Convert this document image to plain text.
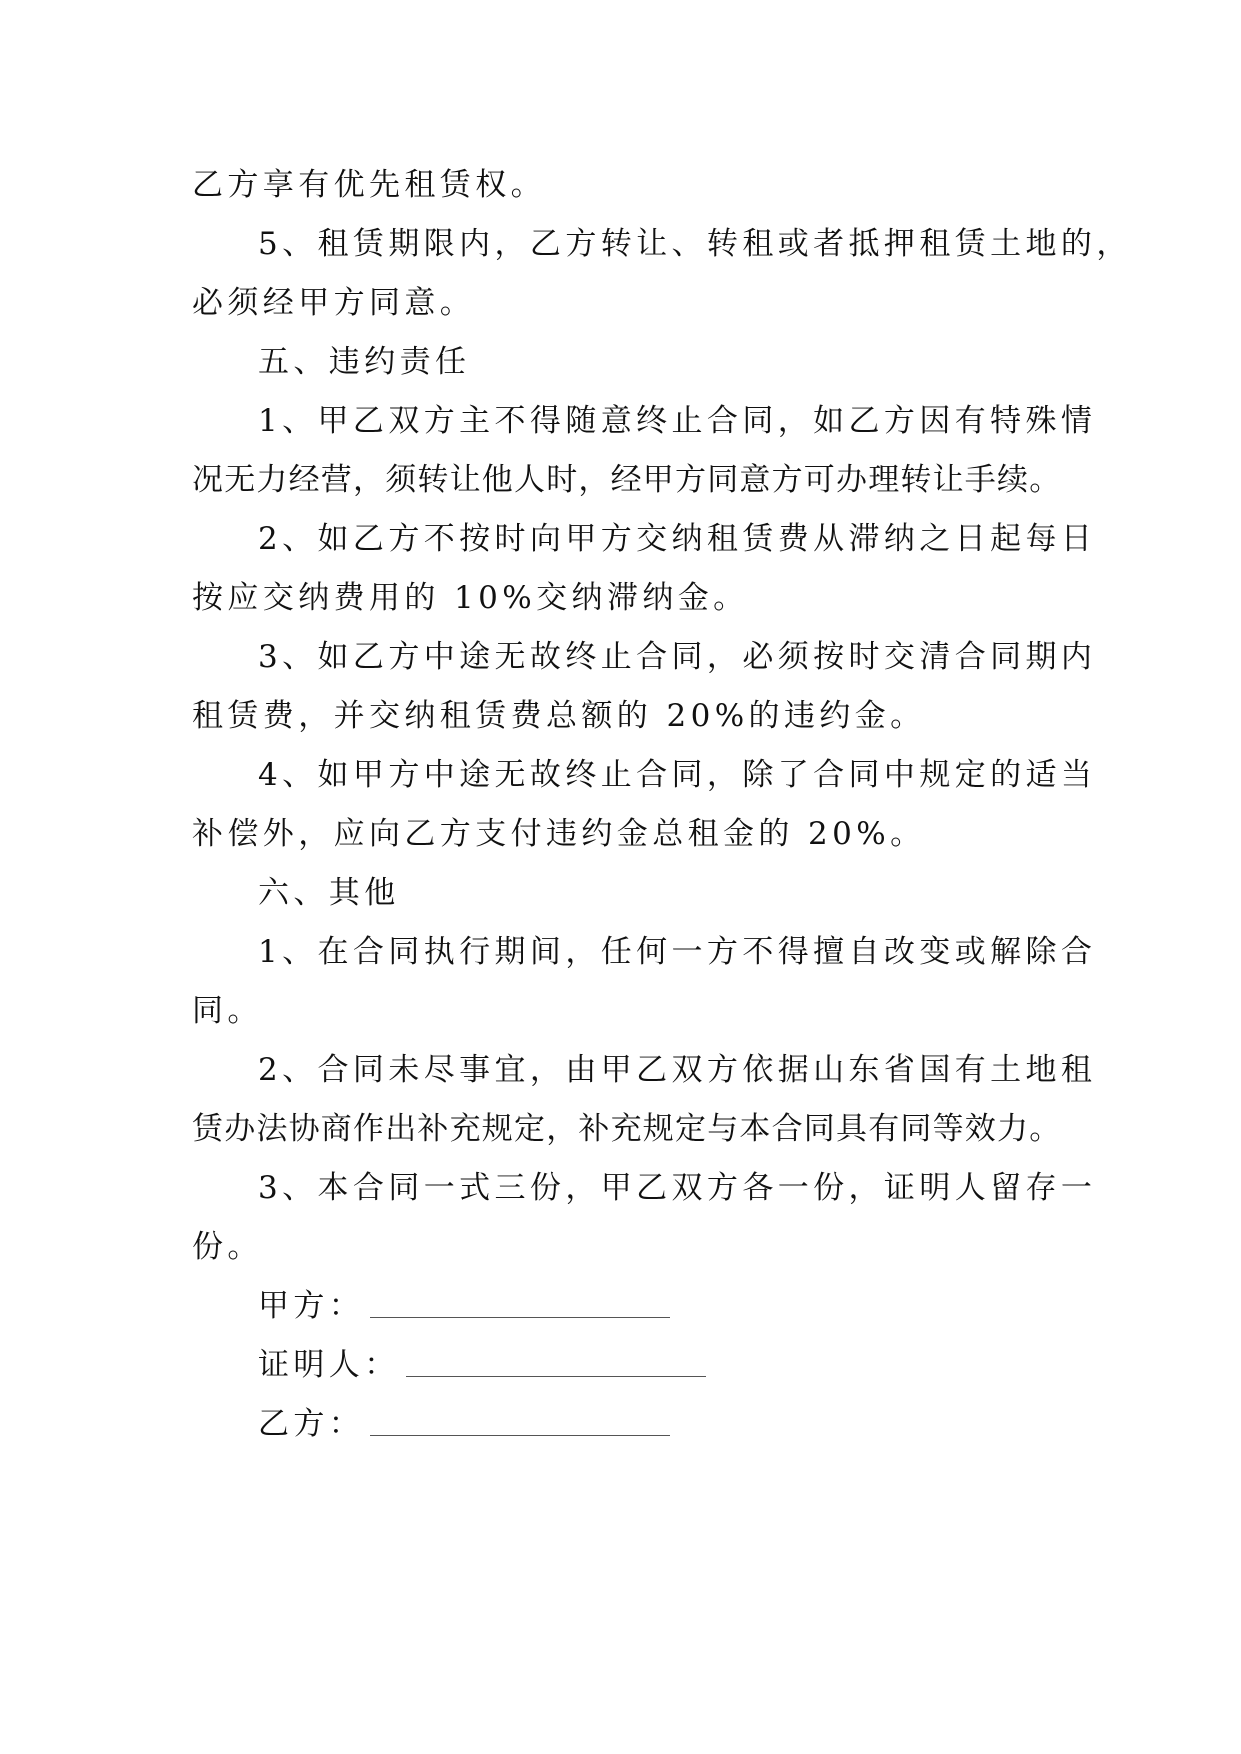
乙方享有优先租赁权。
5、租赁期限内，乙方转让、转租或者抵押租赁土地的，
必须经甲方同意。
五、违约责任
1、甲乙双方主不得随意终止合同，如乙方因有特殊情
况无力经营，须转让他人时，经甲方同意方可办理转让手续。
2、如乙方不按时向甲方交纳租赁费从滞纳之日起每日
按应交纳费用的 10%交纳滞纳金。
3、如乙方中途无故终止合同，必须按时交清合同期内
租赁费，并交纳租赁费总额的 20%的违约金。
4、如甲方中途无故终止合同，除了合同中规定的适当
补偿外，应向乙方支付违约金总租金的 20%。
六、其他
1、在合同执行期间，任何一方不得擅自改变或解除合
同。
2、合同未尽事宜，由甲乙双方依据山东省国有土地租
赁办法协商作出补充规定，补充规定与本合同具有同等效力。
3、本合同一式三份，甲乙双方各一份，证明人留存一
份。
甲方：
证明人：
乙方：
